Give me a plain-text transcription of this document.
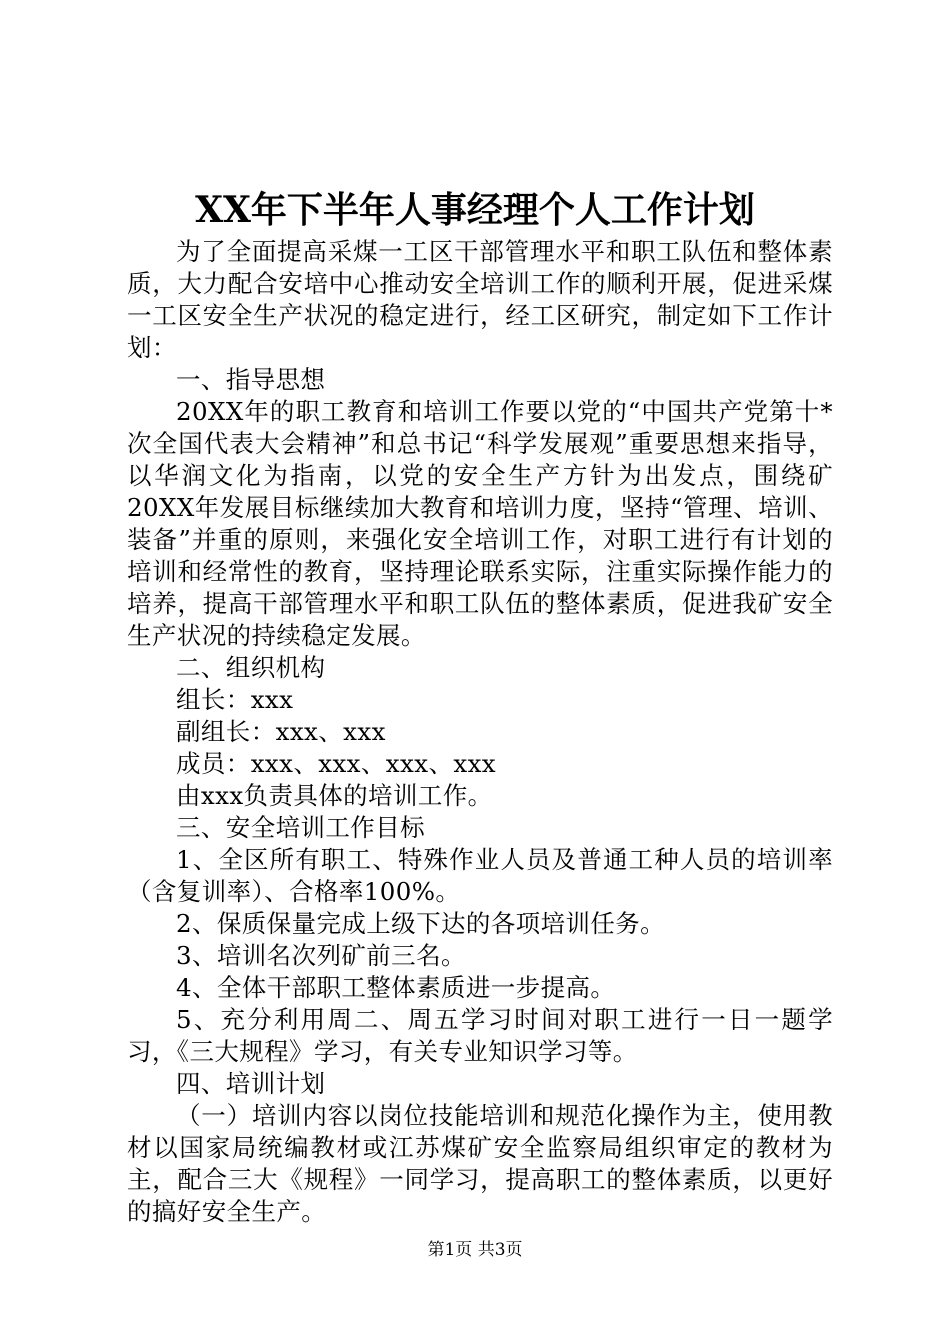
XX年下半年人事经理个人工作计划

为了全面提高采煤一工区干部管理水平和职工队伍和整体素质，大力配合安培中心推动安全培训工作的顺利开展，促进采煤一工区安全生产状况的稳定进行，经工区研究，制定如下工作计划：

一、指导思想

20XX年的职工教育和培训工作要以党的“中国共产党第十*次全国代表大会精神”和总书记“科学发展观”重要思想来指导，以华润文化为指南，以党的安全生产方针为出发点，围绕矿20XX年发展目标继续加大教育和培训力度，坚持“管理、培训、装备”并重的原则，来强化安全培训工作，对职工进行有计划的培训和经常性的教育，坚持理论联系实际，注重实际操作能力的培养，提高干部管理水平和职工队伍的整体素质，促进我矿安全生产状况的持续稳定发展。

二、组织机构

组长：xxx

副组长：xxx、xxx

成员：xxx、xxx、xxx、xxx

由xxx负责具体的培训工作。

三、安全培训工作目标

1、全区所有职工、特殊作业人员及普通工种人员的培训率（含复训率）、合格率100%。

2、保质保量完成上级下达的各项培训任务。

3、培训名次列矿前三名。

4、全体干部职工整体素质进一步提高。

5、充分利用周二、周五学习时间对职工进行一日一题学习，《三大规程》学习，有关专业知识学习等。

四、培训计划

（一）培训内容以岗位技能培训和规范化操作为主，使用教材以国家局统编教材或江苏煤矿安全监察局组织审定的教材为主，配合三大《规程》一同学习，提高职工的整体素质，以更好的搞好安全生产。

第1页 共3页
